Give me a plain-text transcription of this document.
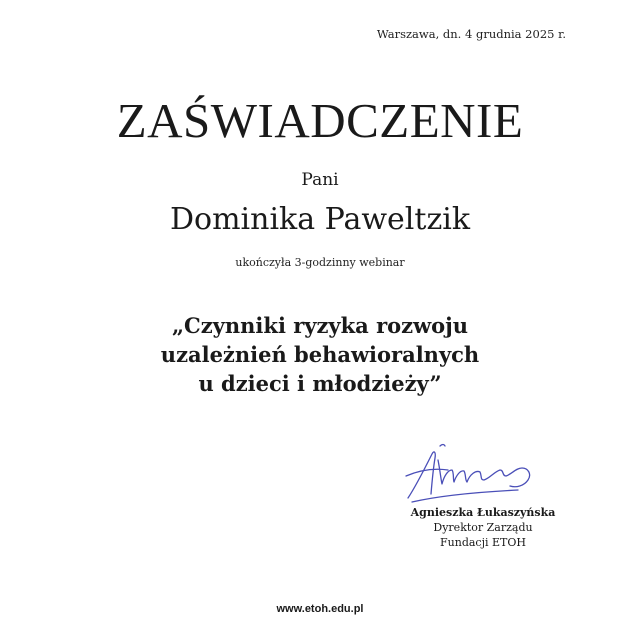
Warszawa, dn. 4 grudnia 2025 r.
ZAŚWIADCZENIE
Pani
Dominika Paweltzik
ukończyła 3-godzinny webinar
„Czynniki ryzyka rozwoju
uzależnień behawioralnych
u dzieci i młodzieży”
Agnieszka Łukaszyńska
Dyrektor Zarządu
Fundacji ETOH
www.etoh.edu.pl
